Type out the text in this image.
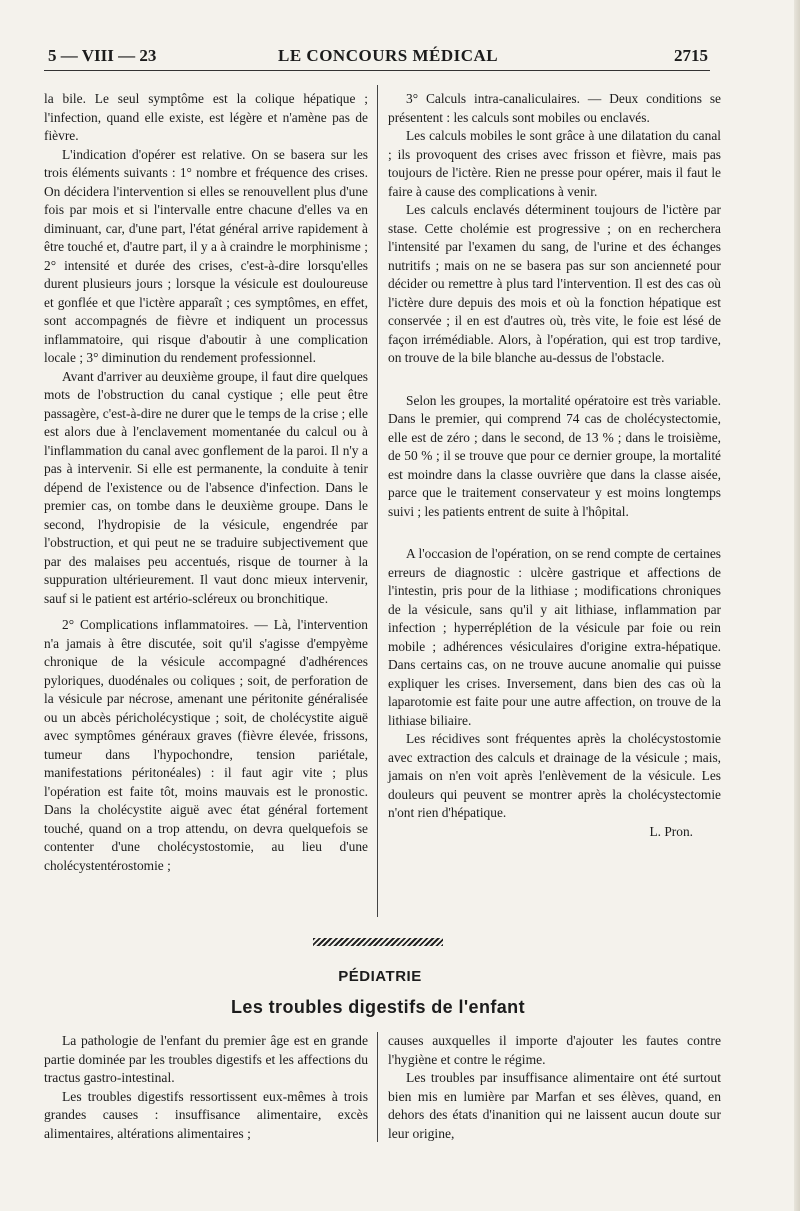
5 — VIII — 23	LE CONCOURS MÉDICAL	2715

la bile. Le seul symptôme est la colique hépatique ; l'infection, quand elle existe, est légère et n'amène pas de fièvre.

L'indication d'opérer est relative. On se basera sur les trois éléments suivants : 1° nombre et fréquence des crises. On décidera l'intervention si elles se renouvellent plus d'une fois par mois et si l'intervalle entre chacune d'elles va en diminuant, car, d'une part, l'état général arrive rapidement à être touché et, d'autre part, il y a à craindre le morphinisme ; 2° intensité et durée des crises, c'est-à-dire lorsqu'elles durent plusieurs jours ; lorsque la vésicule est douloureuse et gonflée et que l'ictère apparaît ; ces symptômes, en effet, sont accompagnés de fièvre et indiquent un processus inflammatoire, qui risque d'aboutir à une complication locale ; 3° diminution du rendement professionnel.

Avant d'arriver au deuxième groupe, il faut dire quelques mots de l'obstruction du canal cystique ; elle peut être passagère, c'est-à-dire ne durer que le temps de la crise ; elle est alors due à l'enclavement momentanée du calcul ou à l'inflammation du canal avec gonflement de la paroi. Il n'y a pas à intervenir. Si elle est permanente, la conduite à tenir dépend de l'existence ou de l'absence d'infection. Dans le premier cas, on tombe dans le deuxième groupe. Dans le second, l'hydropisie de la vésicule, engendrée par l'obstruction, et qui peut ne se traduire subjectivement que par des malaises peu accentués, risque de tourner à la suppuration ultérieurement. Il vaut donc mieux intervenir, sauf si le patient est artério-scléreux ou bronchitique.

2° Complications inflammatoires. — Là, l'intervention n'a jamais à être discutée, soit qu'il s'agisse d'empyème chronique de la vésicule accompagné d'adhérences pyloriques, duodénales ou coliques ; soit, de perforation de la vésicule par nécrose, amenant une péritonite généralisée ou un abcès péricholécystique ; soit, de cholécystite aiguë avec symptômes généraux graves (fièvre élevée, frissons, tumeur dans l'hypochondre, tension pariétale, manifestations péritonéales) : il faut agir vite ; plus l'opération est faite tôt, moins mauvais est le pronostic. Dans la cholécystite aiguë avec état général fortement touché, quand on a trop attendu, on devra quelquefois se contenter d'une cholécystostomie, au lieu d'une cholécystentérostomie ;

3° Calculs intra-canaliculaires. — Deux conditions se présentent : les calculs sont mobiles ou enclavés.

Les calculs mobiles le sont grâce à une dilatation du canal ; ils provoquent des crises avec frisson et fièvre, mais pas toujours de l'ictère. Rien ne presse pour opérer, mais il faut le faire à cause des complications à venir.

Les calculs enclavés déterminent toujours de l'ictère par stase. Cette cholémie est progressive ; on en recherchera l'intensité par l'examen du sang, de l'urine et des échanges nutritifs ; mais on ne se basera pas sur son ancienneté pour décider ou remettre à plus tard l'intervention. Il est des cas où l'ictère dure depuis des mois et où la fonction hépatique est conservée ; il en est d'autres où, très vite, le foie est lésé de façon irrémédiable. Alors, à l'opération, qui est trop tardive, on trouve de la bile blanche au-dessus de l'obstacle.

Selon les groupes, la mortalité opératoire est très variable. Dans le premier, qui comprend 74 cas de cholécystectomie, elle est de zéro ; dans le second, de 13 % ; dans le troisième, de 50 % ; il se trouve que pour ce dernier groupe, la mortalité est moindre dans la classe ouvrière que dans la classe aisée, parce que le traitement conservateur y est moins longtemps suivi ; les patients entrent de suite à l'hôpital.

A l'occasion de l'opération, on se rend compte de certaines erreurs de diagnostic : ulcère gastrique et affections de l'intestin, pris pour de la lithiase ; modifications chroniques de la vésicule, sans qu'il y ait lithiase, inflammation par infection ; hyperréplétion de la vésicule par foie ou rein mobile ; adhérences vésiculaires d'origine extra-hépatique. Dans certains cas, on ne trouve aucune anomalie qui puisse expliquer les crises. Inversement, dans bien des cas où la laparotomie est faite pour une autre affection, on trouve de la lithiase biliaire.

Les récidives sont fréquentes après la cholécystostomie avec extraction des calculs et drainage de la vésicule ; mais, jamais on n'en voit après l'enlèvement de la vésicule. Les douleurs qui peuvent se montrer après la cholécystectomie n'ont rien d'hépatique.

L. Pron.

PÉDIATRIE
Les troubles digestifs de l'enfant

La pathologie de l'enfant du premier âge est en grande partie dominée par les troubles digestifs et les affections du tractus gastro-intestinal.

Les troubles digestifs ressortissent eux-mêmes à trois grandes causes : insuffisance alimentaire, excès alimentaires, altérations alimentaires ;

causes auxquelles il importe d'ajouter les fautes contre l'hygiène et contre le régime.

Les troubles par insuffisance alimentaire ont été surtout bien mis en lumière par Marfan et ses élèves, quand, en dehors des états d'inanition qui ne laissent aucun doute sur leur origine,
